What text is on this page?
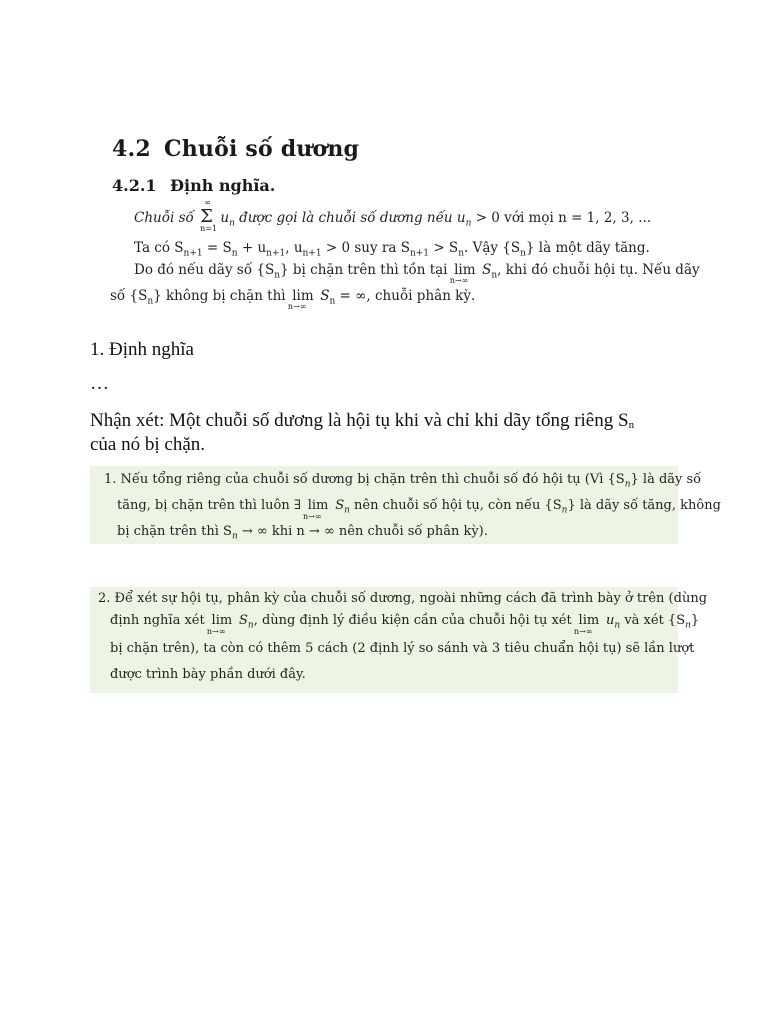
4.2 Chuỗi số dương
4.2.1 Định nghĩa.
Chuỗi số
∞
Σ
n=1
$u_n$ được gọi là chuỗi số dương nếu $u_n > 0$ với mọi n = 1, 2, 3, ...
Ta có $S_{n+1} = S_n + u_{n+1}$, $u_{n+1} > 0$ suy ra $S_{n+1} > S_n$. Vậy $\{S_n\}$ là một dãy tăng.
Do đó nếu dãy số $\{S_n\}$ bị chặn trên thì tồn tại lim
n→∞
$S_n$, khi đó chuỗi hội tụ. Nếu dãy
số $\{S_n\}$ không bị chặn thì lim
n→∞
$S_n$ = ∞, chuỗi phân kỳ.
1. Định nghĩa
…
Nhận xét: Một chuỗi số dương là hội tụ khi và chỉ khi dãy tổng riêng $S_n$
của nó bị chặn.
1. Nếu tổng riêng của chuỗi số dương bị chặn trên thì chuỗi số đó hội tụ (Vì $\{S_n\}$ là dãy số
tăng, bị chặn trên thì luôn ∃ lim
n→∞
$S_n$ nên chuỗi số hội tụ, còn nếu $\{S_n\}$ là dãy số tăng, không
bị chặn trên thì $S_n$ → ∞ khi n → ∞ nên chuỗi số phân kỳ).
2. Để xét sự hội tụ, phân kỳ của chuỗi số dương, ngoài những cách đã trình bày ở trên (dùng
định nghĩa xét lim
n→∞
$S_n$, dùng định lý điều kiện cần của chuỗi hội tụ xét lim
n→∞
$u_n$ và xét $\{S_n\}$
bị chặn trên), ta còn có thêm 5 cách (2 định lý so sánh và 3 tiêu chuẩn hội tụ) sẽ lần lượt
được trình bày phần dưới đây.
